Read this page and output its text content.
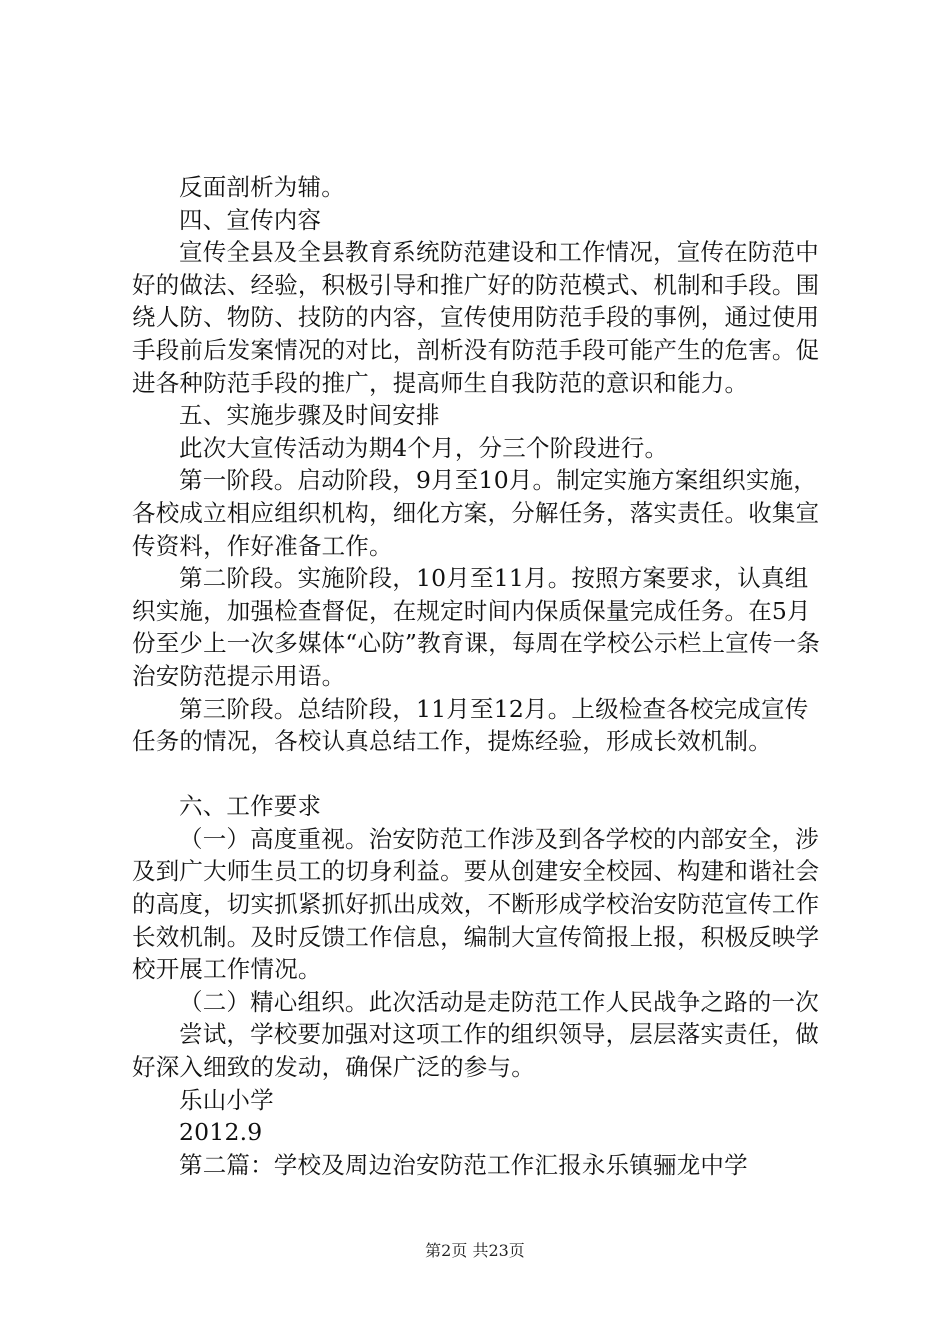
反面剖析为辅。

四、宣传内容

宣传全县及全县教育系统防范建设和工作情况，宣传在防范中好的做法、经验，积极引导和推广好的防范模式、机制和手段。围绕人防、物防、技防的内容，宣传使用防范手段的事例，通过使用手段前后发案情况的对比，剖析没有防范手段可能产生的危害。促进各种防范手段的推广，提高师生自我防范的意识和能力。

五、实施步骤及时间安排

此次大宣传活动为期4个月，分三个阶段进行。

第一阶段。启动阶段，9月至10月。制定实施方案组织实施，各校成立相应组织机构，细化方案，分解任务，落实责任。收集宣传资料，作好准备工作。

第二阶段。实施阶段，10月至11月。按照方案要求，认真组织实施，加强检查督促，在规定时间内保质保量完成任务。在5月份至少上一次多媒体“心防”教育课，每周在学校公示栏上宣传一条治安防范提示用语。

第三阶段。总结阶段，11月至12月。上级检查各校完成宣传任务的情况，各校认真总结工作，提炼经验，形成长效机制。

六、工作要求

（一）高度重视。治安防范工作涉及到各学校的内部安全，涉及到广大师生员工的切身利益。要从创建安全校园、构建和谐社会的高度，切实抓紧抓好抓出成效，不断形成学校治安防范宣传工作长效机制。及时反馈工作信息，编制大宣传简报上报，积极反映学校开展工作情况。

（二）精心组织。此次活动是走防范工作人民战争之路的一次

尝试，学校要加强对这项工作的组织领导，层层落实责任，做好深入细致的发动，确保广泛的参与。

乐山小学

2012.9

第二篇：学校及周边治安防范工作汇报永乐镇骊龙中学

第2页 共23页
